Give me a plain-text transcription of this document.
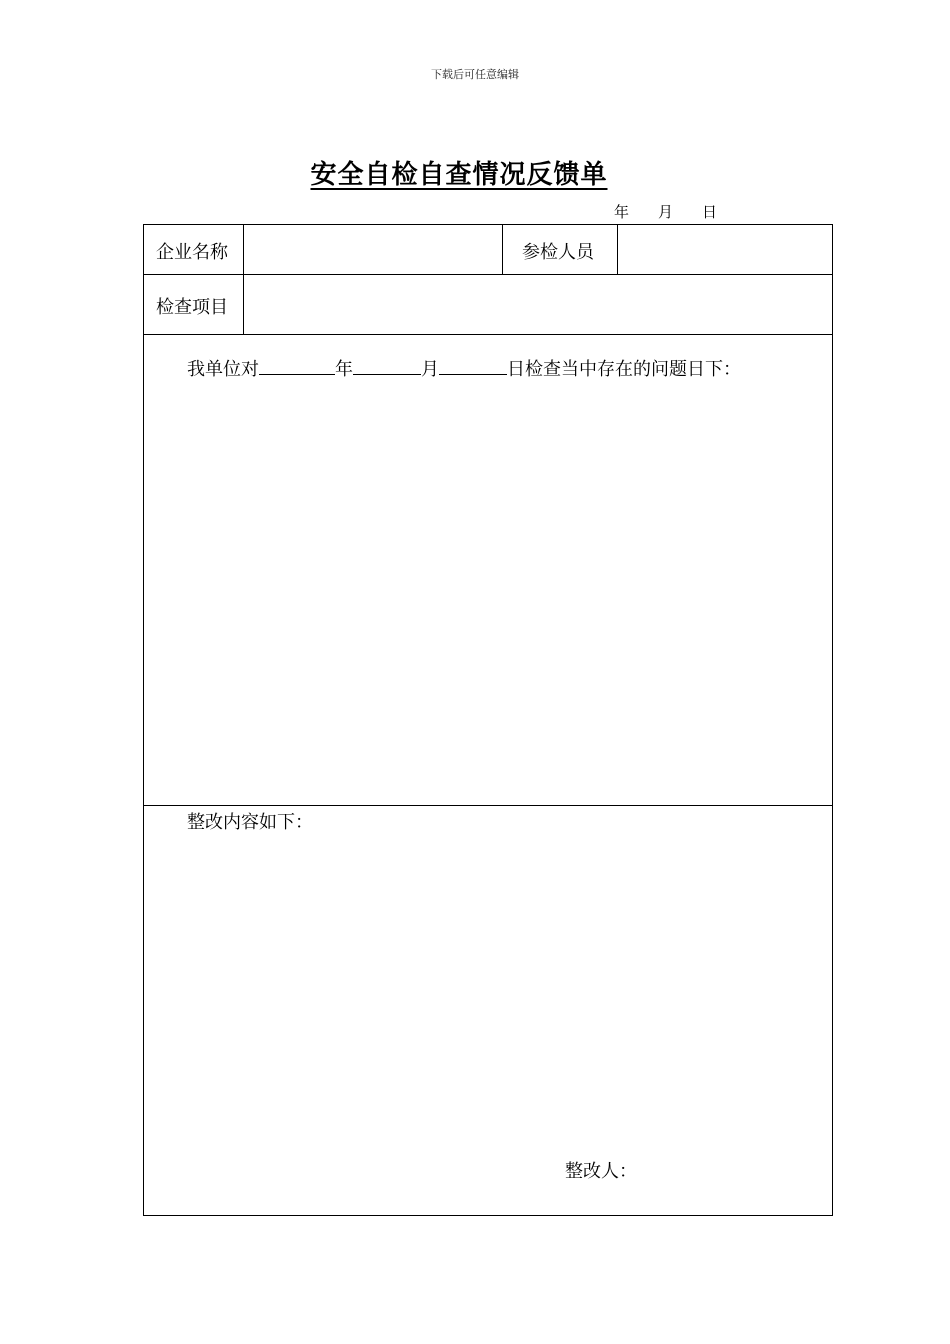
下载后可任意编辑
安全自检自查情况反馈单
年 月 日
企业名称	参检人员
检查项目
我单位对	年	月	日检查当中存在的问题日下：
整改内容如下：
整改人：
